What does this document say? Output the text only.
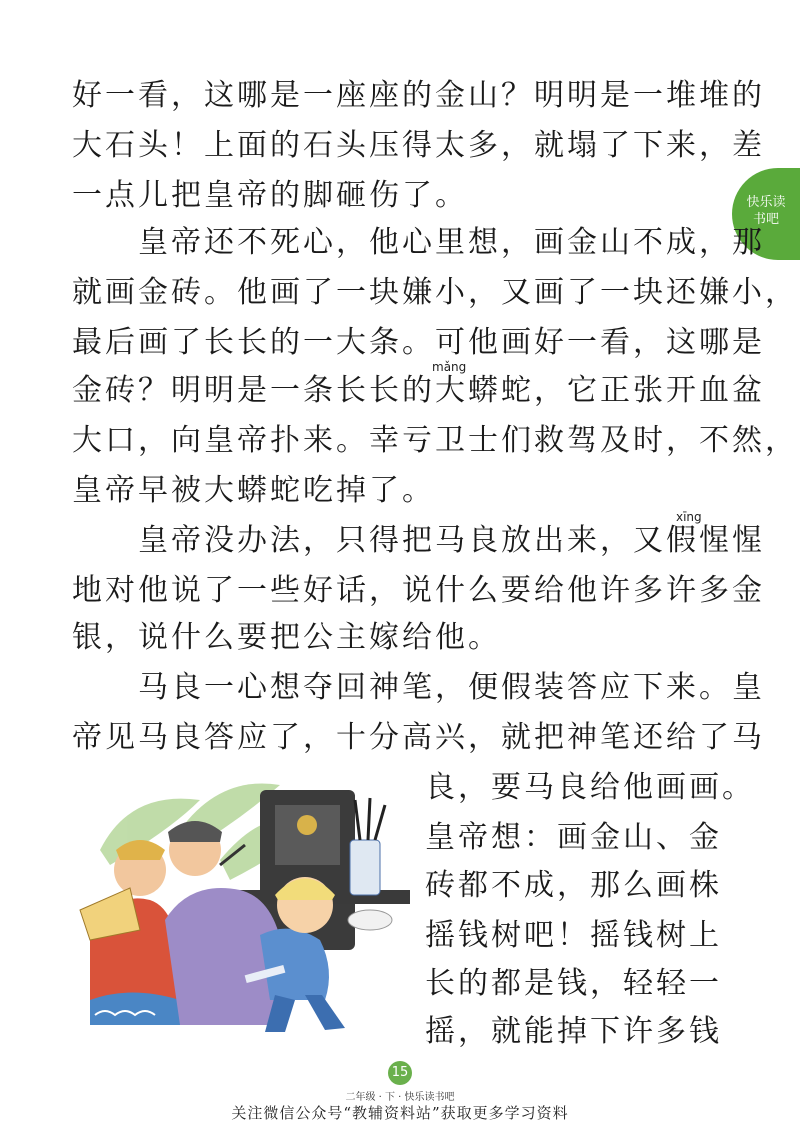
快乐读
书吧
好一看，这哪是一座座的金山？明明是一堆堆的
大石头！上面的石头压得太多，就塌了下来，差
一点儿把皇帝的脚砸伤了。
　　皇帝还不死心，他心里想，画金山不成，那
就画金砖。他画了一块嫌小，又画了一块还嫌小，
最后画了长长的一大条。可他画好一看，这哪是
mǎng
金砖？明明是一条长长的大蟒蛇，它正张开血盆
大口，向皇帝扑来。幸亏卫士们救驾及时，不然，
皇帝早被大蟒蛇吃掉了。
xīng
　　皇帝没办法，只得把马良放出来，又假惺惺
地对他说了一些好话，说什么要给他许多许多金
银，说什么要把公主嫁给他。
　　马良一心想夺回神笔，便假装答应下来。皇
帝见马良答应了，十分高兴，就把神笔还给了马
良，要马良给他画画。
皇帝想：画金山、金
砖都不成，那么画株
摇钱树吧！摇钱树上
长的都是钱，轻轻一
摇，就能掉下许多钱
15
二年级 · 下 · 快乐读书吧
关注微信公众号“教辅资料站”获取更多学习资料
